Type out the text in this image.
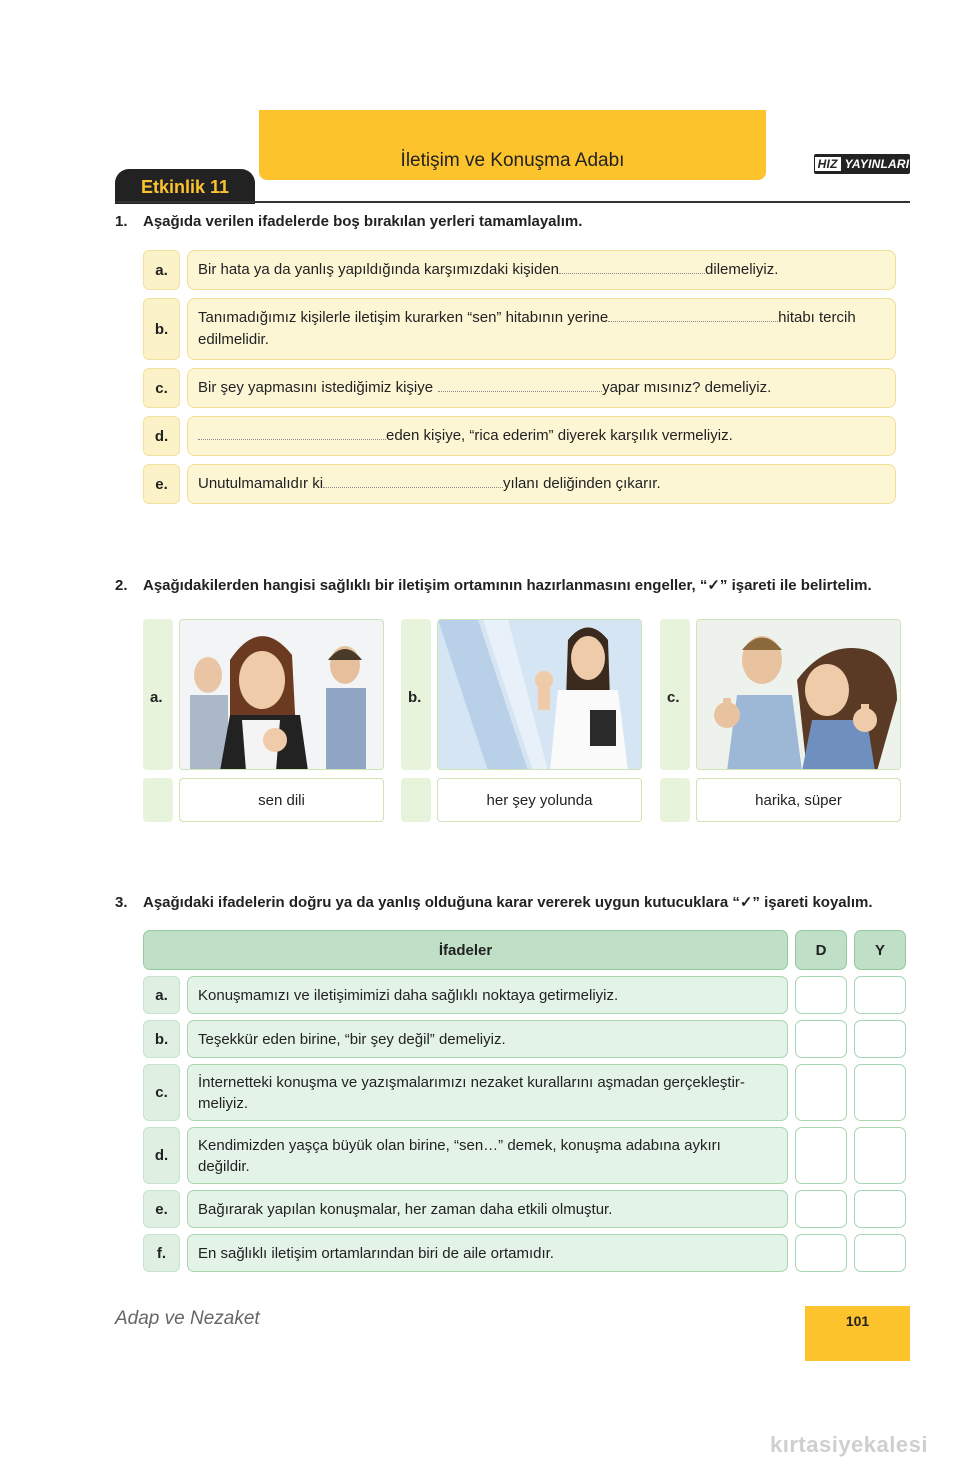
İletişim ve Konuşma Adabı
Etkinlik 11
HIZ YAYINLARI
1. Aşağıda verilen ifadelerde boş bırakılan yerleri tamamlayalım.
a.	Bir hata ya da yanlış yapıldığında karşımızdaki kişiden	dilemeliyiz.
b.
Tanımadığımız kişilerle iletişim kurarken “sen” hitabının yerine	hitabı tercih
edilmelidir.
c.	Bir şey yapmasını istediğimiz kişiye	yapar mısınız? demeliyiz.
d.	eden kişiye, “rica ederim” diyerek karşılık vermeliyiz.
e.	Unutulmamalıdır ki	yılanı deliğinden çıkarır.
2. Aşağıdakilerden hangisi sağlıklı bir iletişim ortamının hazırlanmasını engeller, “✓” işareti ile belirtelim.
a.
sen dili
b.
her şey yolunda
c.
harika, süper
3. Aşağıdaki ifadelerin doğru ya da yanlış olduğuna karar vererek uygun kutucuklara “✓” işareti koyalım.
İfadeler	D	Y
a.	Konuşmamızı ve iletişimimizi daha sağlıklı noktaya getirmeliyiz.
b.	Teşekkür eden birine, “bir şey değil” demeliyiz.
c.
İnternetteki konuşma ve yazışmalarımızı nezaket kurallarını aşmadan gerçekleştir-
meliyiz.
d.
Kendimizden yaşça büyük olan birine, “sen…” demek, konuşma adabına aykırı
değildir.
e.	Bağırarak yapılan konuşmalar, her zaman daha etkili olmuştur.
f.	En sağlıklı iletişim ortamlarından biri de aile ortamıdır.
Adap ve Nezaket	101
kırtasiyekalesi
